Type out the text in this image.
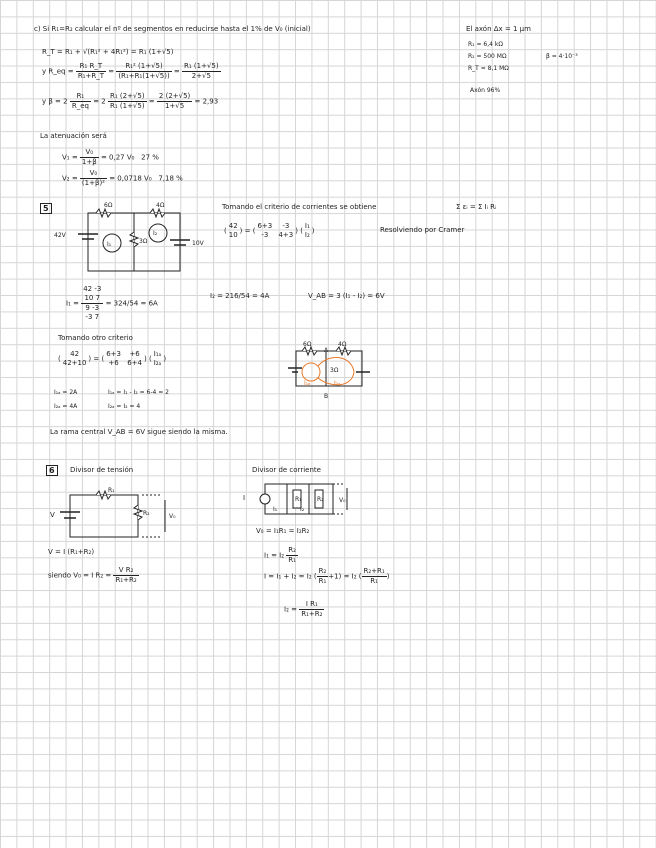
c) Si R₁=R₂ calcular el nº de segmentos en reducirse hasta el 1% de V₀ (inicial)
R_T = R₁ + √(R₁² + 4R₁²) = R₁ (1+√5)
y R_eq = $\frac{\text{R₁ R\_T}}{\text{R₁+R\_T}} = \frac{\text{R₁² (1+√5)}}{\text{(R₁+R₁(1+√5))}} = \frac{\text{R₁ (1+√5)}}{2+√5}$
y $\beta = 2 \frac{\text{R₁}}{R\_eq} = 2 \frac{\text{R₁ (2+√5)}}{\text{R₁ (1+√5)}} = \frac{2 (2+√5)}{1+√5} = 2,93$
El axón Δx = 1 μm
R₁ = 6,4 kΩ
R₂ = 500 MΩ
R_T = 8,1 MΩ
β = 4·10⁻³
Axón 96%
La atenuación será
$V_1 = \frac{\text{V₀}}{1+\beta} = 0,27$ V₀ 27 %
$V_2 = \frac{\text{V₀}}{\text{(1+β)²}} = 0,0718$ V₀ 7,18 %
5	6Ω	4Ω
42V
10V
3Ω
I₁
I₂
Tomando el criterio de corrientes se obtiene	Σ εᵢ = Σ Iᵢ Rᵢ
(
42
10 ) = (
6+3
-3

-3
4+3 ) (
I₁
I₂ )	Resolviendo por Cramer
I₁ =
42 -3
10 7
9 -3
-3 7
= 324/54 = 6A
I₂ = 216/54 = 4A	V_AB = 3 (I₁ - I₂) = 6V
Tomando otro criterio
(
42
42+10 ) = (
6+3
+6

+6
6+4 ) (
I₁ₐ
I₂ₐ )
I₁ₐ = 2A	I₁ₐ = I₁ - I₂ = 6-4 = 2
I₂ₐ = 4A	I₂ₐ = I₂ = 4
La rama central V_AB = 6V sigue siendo la misma.
6Ω	4Ω
A
B
I₁ₐ	I₂ₐ
3Ω
6	Divisor de tensión	Divisor de corriente
V
R₁
R₂	V₀
V = I (R₁+R₂)
siendo V₀ = I $R_2 = \frac{\text{V R₂}}{\text{R₁+R₂}}$
I
I₁	I₂
R₁	R₂	V₀
V₀ = I₁R₁ = I₂R₂
$I_1 = I_2 \frac{\text{R₂}}{\text{R₁}}$
I = I₁ + I₂ = I₂ ( $\frac{\text{R₂}}{\text{R₁}} +1) = I_2$ ( $\frac{\text{R₂+R₁}}{\text{R₁}}$ )
$I_2 = \frac{\text{I R₁}}{\text{R₁+R₂}}$
